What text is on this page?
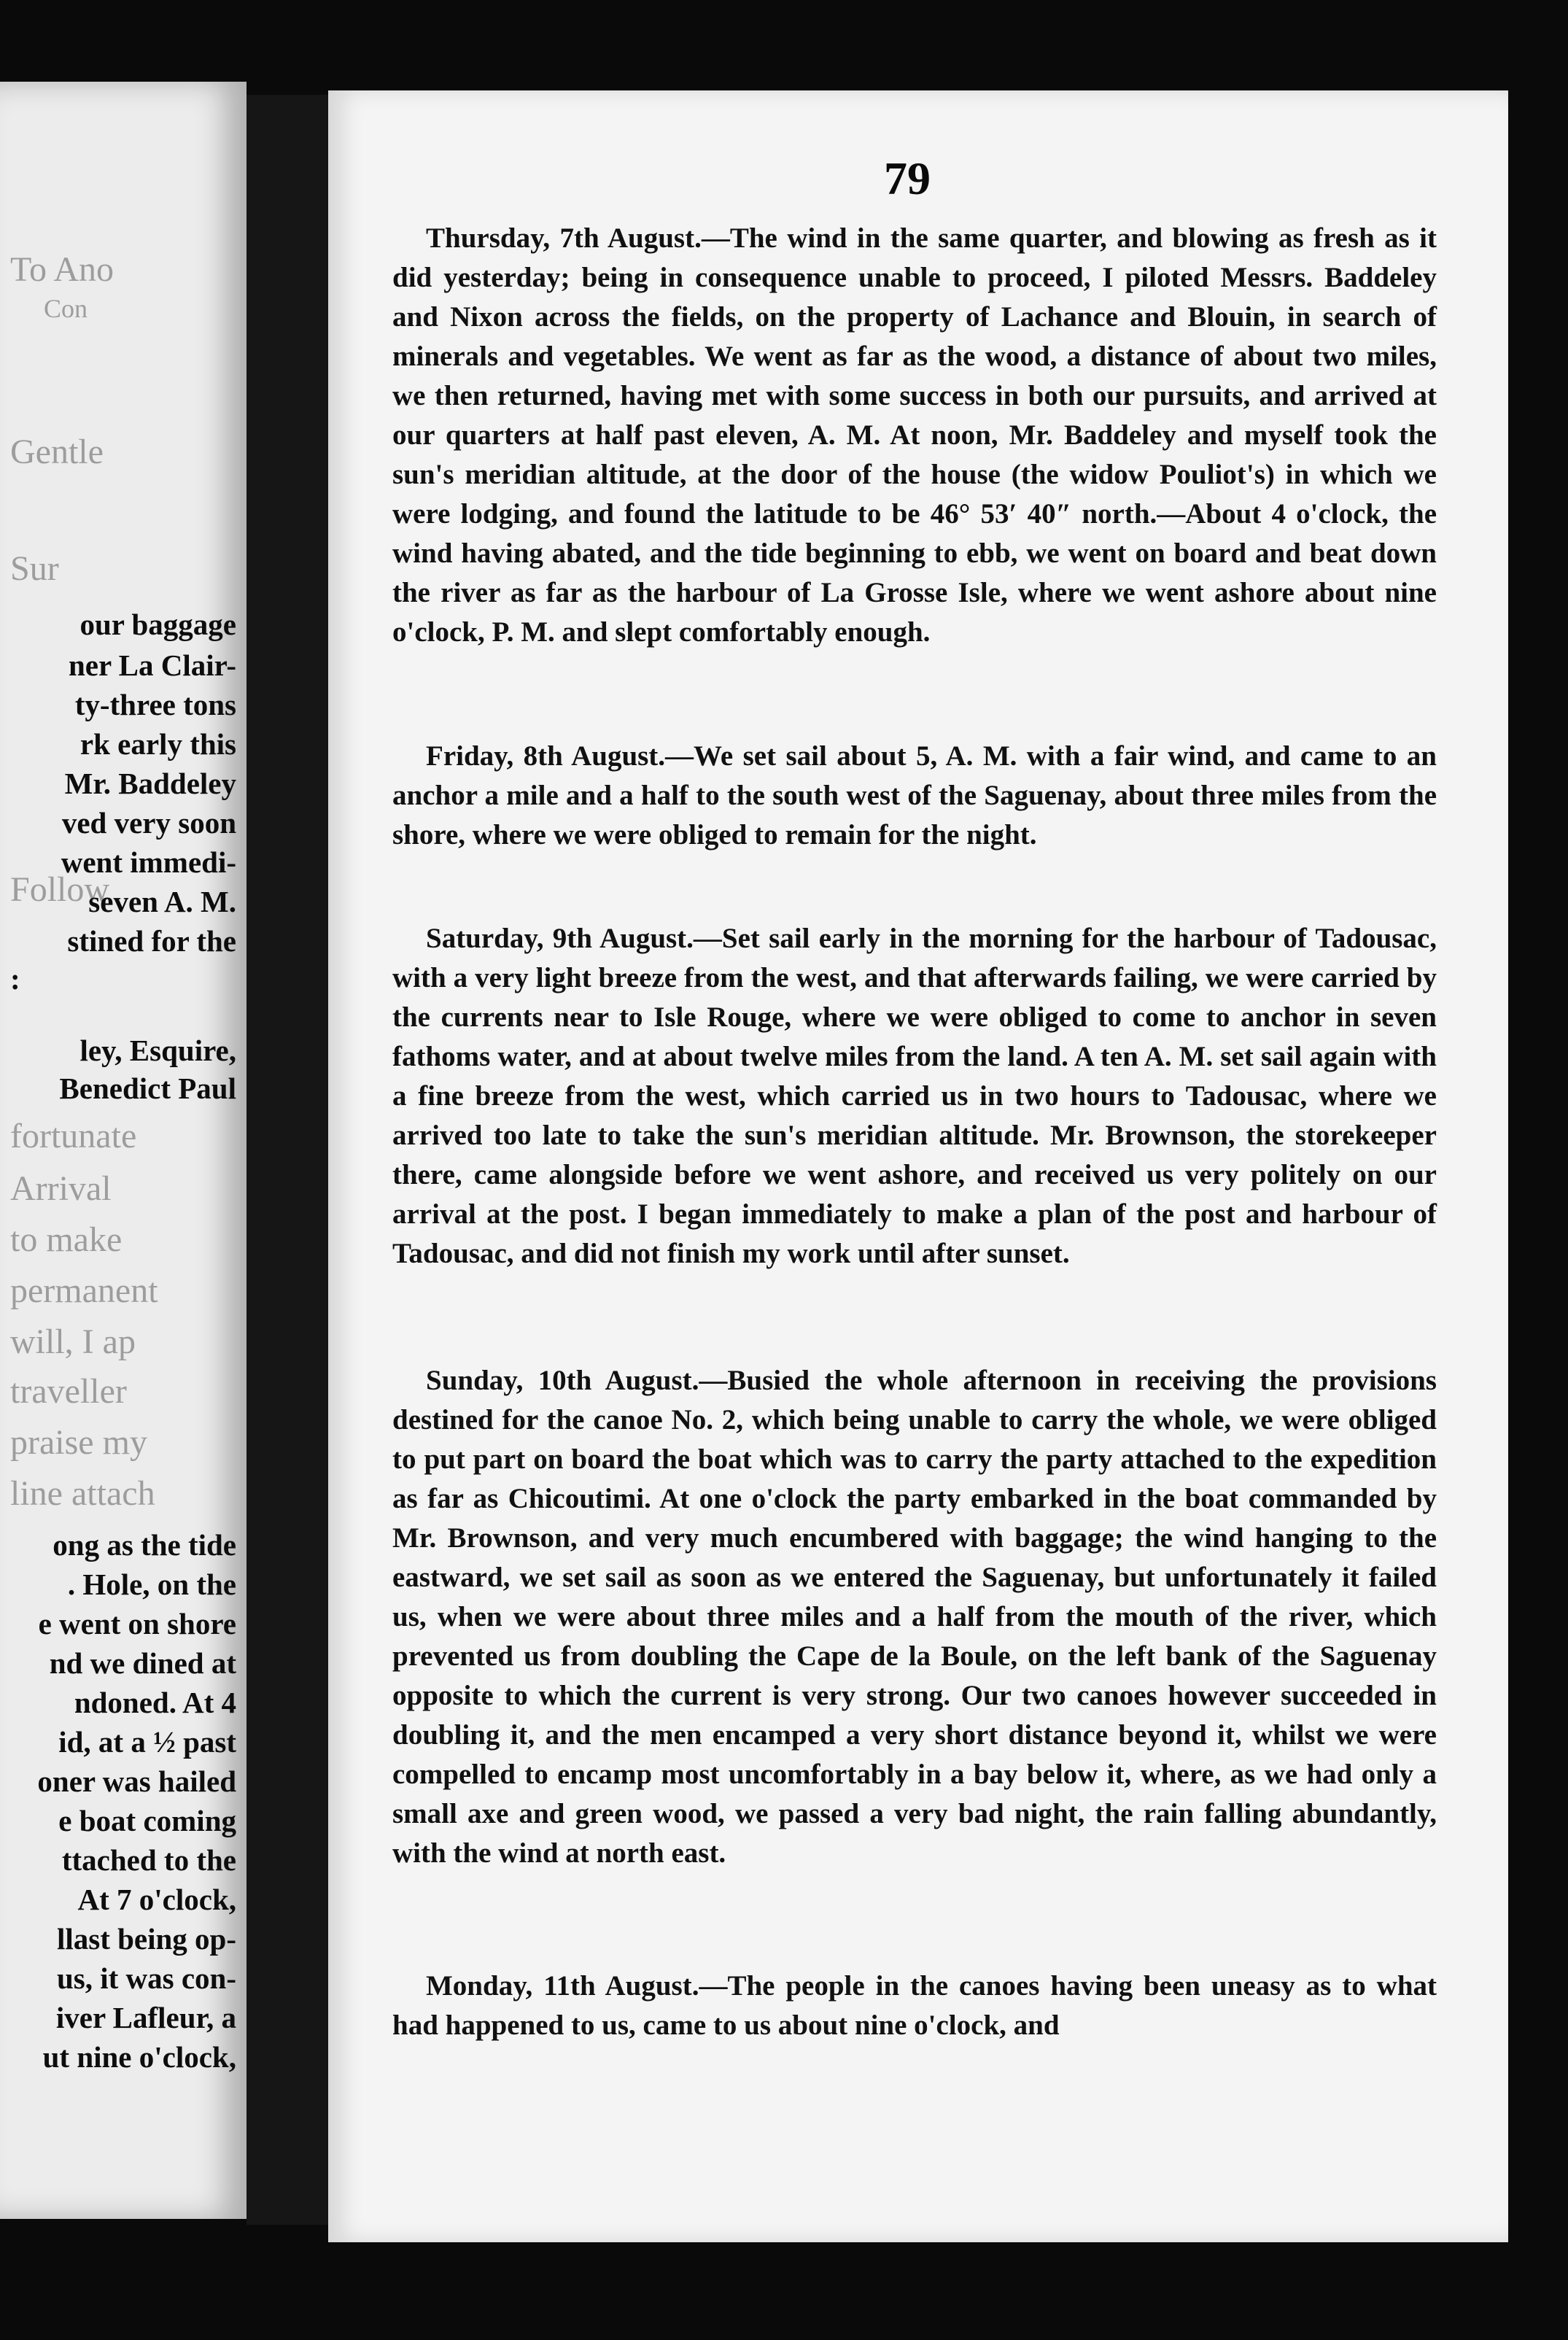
To Ano

Con

Gentle

Sur

Follow

fortunate

Arrival

to make

permanent

will, I ap

traveller

praise my

line attach

our baggage

ner La Clair-

ty-three tons

rk early this

Mr. Baddeley

ved very soon

went immedi-

seven A. M.

stined for the

:

ley, Esquire,

Benedict Paul

ong as the tide

. Hole, on the

e went on shore

nd we dined at

ndoned. At 4

id, at a ½ past

oner was hailed

e boat coming

ttached to the

At 7 o'clock,

llast being op-

us, it was con-

iver Lafleur, a

ut nine o'clock,

79

Thursday, 7th August.—The wind in the same quarter, and blowing as fresh as it did yesterday; being in consequence unable to proceed, I piloted Messrs. Baddeley and Nixon across the fields, on the property of Lachance and Blouin, in search of minerals and vegetables. We went as far as the wood, a distance of about two miles, we then returned, having met with some success in both our pursuits, and arrived at our quarters at half past eleven, A. M. At noon, Mr. Baddeley and myself took the sun's meridian altitude, at the door of the house (the widow Pouliot's) in which we were lodging, and found the latitude to be 46° 53′ 40″ north.—About 4 o'clock, the wind having abated, and the tide beginning to ebb, we went on board and beat down the river as far as the harbour of La Grosse Isle, where we went ashore about nine o'clock, P. M. and slept comfortably enough.

Friday, 8th August.—We set sail about 5, A. M. with a fair wind, and came to an anchor a mile and a half to the south west of the Saguenay, about three miles from the shore, where we were obliged to remain for the night.

Saturday, 9th August.—Set sail early in the morning for the harbour of Tadousac, with a very light breeze from the west, and that afterwards failing, we were carried by the currents near to Isle Rouge, where we were obliged to come to anchor in seven fathoms water, and at about twelve miles from the land. A ten A. M. set sail again with a fine breeze from the west, which carried us in two hours to Tadousac, where we arrived too late to take the sun's meridian altitude. Mr. Brownson, the storekeeper there, came alongside before we went ashore, and received us very politely on our arrival at the post. I began immediately to make a plan of the post and harbour of Tadousac, and did not finish my work until after sunset.

Sunday, 10th August.—Busied the whole afternoon in receiving the provisions destined for the canoe No. 2, which being unable to carry the whole, we were obliged to put part on board the boat which was to carry the party attached to the expedition as far as Chicoutimi. At one o'clock the party embarked in the boat commanded by Mr. Brownson, and very much encumbered with baggage; the wind hanging to the eastward, we set sail as soon as we entered the Saguenay, but unfortunately it failed us, when we were about three miles and a half from the mouth of the river, which prevented us from doubling the Cape de la Boule, on the left bank of the Saguenay opposite to which the current is very strong. Our two canoes however succeeded in doubling it, and the men encamped a very short distance beyond it, whilst we were compelled to encamp most uncomfortably in a bay below it, where, as we had only a small axe and green wood, we passed a very bad night, the rain falling abundantly, with the wind at north east.

Monday, 11th August.—The people in the canoes having been uneasy as to what had happened to us, came to us about nine o'clock, and
